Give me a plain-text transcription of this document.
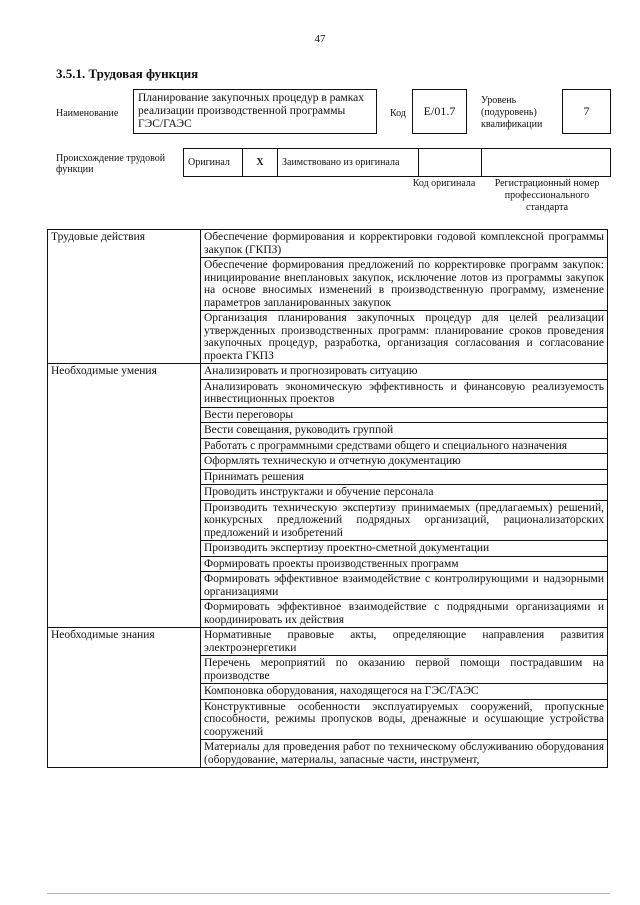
47
3.5.1. Трудовая функция
Наименование
Планирование закупочных процедур в рамках реализации производственной программы ГЭС/ГАЭС
Код	E/01.7
Уровень (подуровень) квалификации
7
Происхождение трудовой функции
Оригинал	X	Заимствовано из оригинала
Код оригинала	Регистрационный номер профессионального стандарта
Трудовые действия	Обеспечение формирования и корректировки годовой комплексной программы закупок (ГКПЗ)
	Обеспечение формирования предложений по корректировке программ закупок: инициирование внеплановых закупок, исключение лотов из программы закупок на основе вносимых изменений в производственную программу, изменение параметров запланированных закупок
	Организация планирования закупочных процедур для целей реализации утвержденных производственных программ: планирование сроков проведения закупочных процедур, разработка, организация согласования и согласование проекта ГКПЗ
Необходимые умения	Анализировать и прогнозировать ситуацию
	Анализировать экономическую эффективность и финансовую реализуемость инвестиционных проектов
	Вести переговоры
	Вести совещания, руководить группой
	Работать с программными средствами общего и специального назначения
	Оформлять техническую и отчетную документацию
	Принимать решения
	Проводить инструктажи и обучение персонала
	Производить техническую экспертизу принимаемых (предлагаемых) решений, конкурсных предложений подрядных организаций, рационализаторских предложений и изобретений
	Производить экспертизу проектно-сметной документации
	Формировать проекты производственных программ
	Формировать эффективное взаимодействие с контролирующими и надзорными организациями
	Формировать эффективное взаимодействие с подрядными организациями и координировать их действия
Необходимые знания	Нормативные правовые акты, определяющие направления развития электроэнергетики
	Перечень мероприятий по оказанию первой помощи пострадавшим на производстве
	Компоновка оборудования, находящегося на ГЭС/ГАЭС
	Конструктивные особенности эксплуатируемых сооружений, пропускные способности, режимы пропусков воды, дренажные и осушающие устройства сооружений
	Материалы для проведения работ по техническому обслуживанию оборудования (оборудование, материалы, запасные части, инструмент,
